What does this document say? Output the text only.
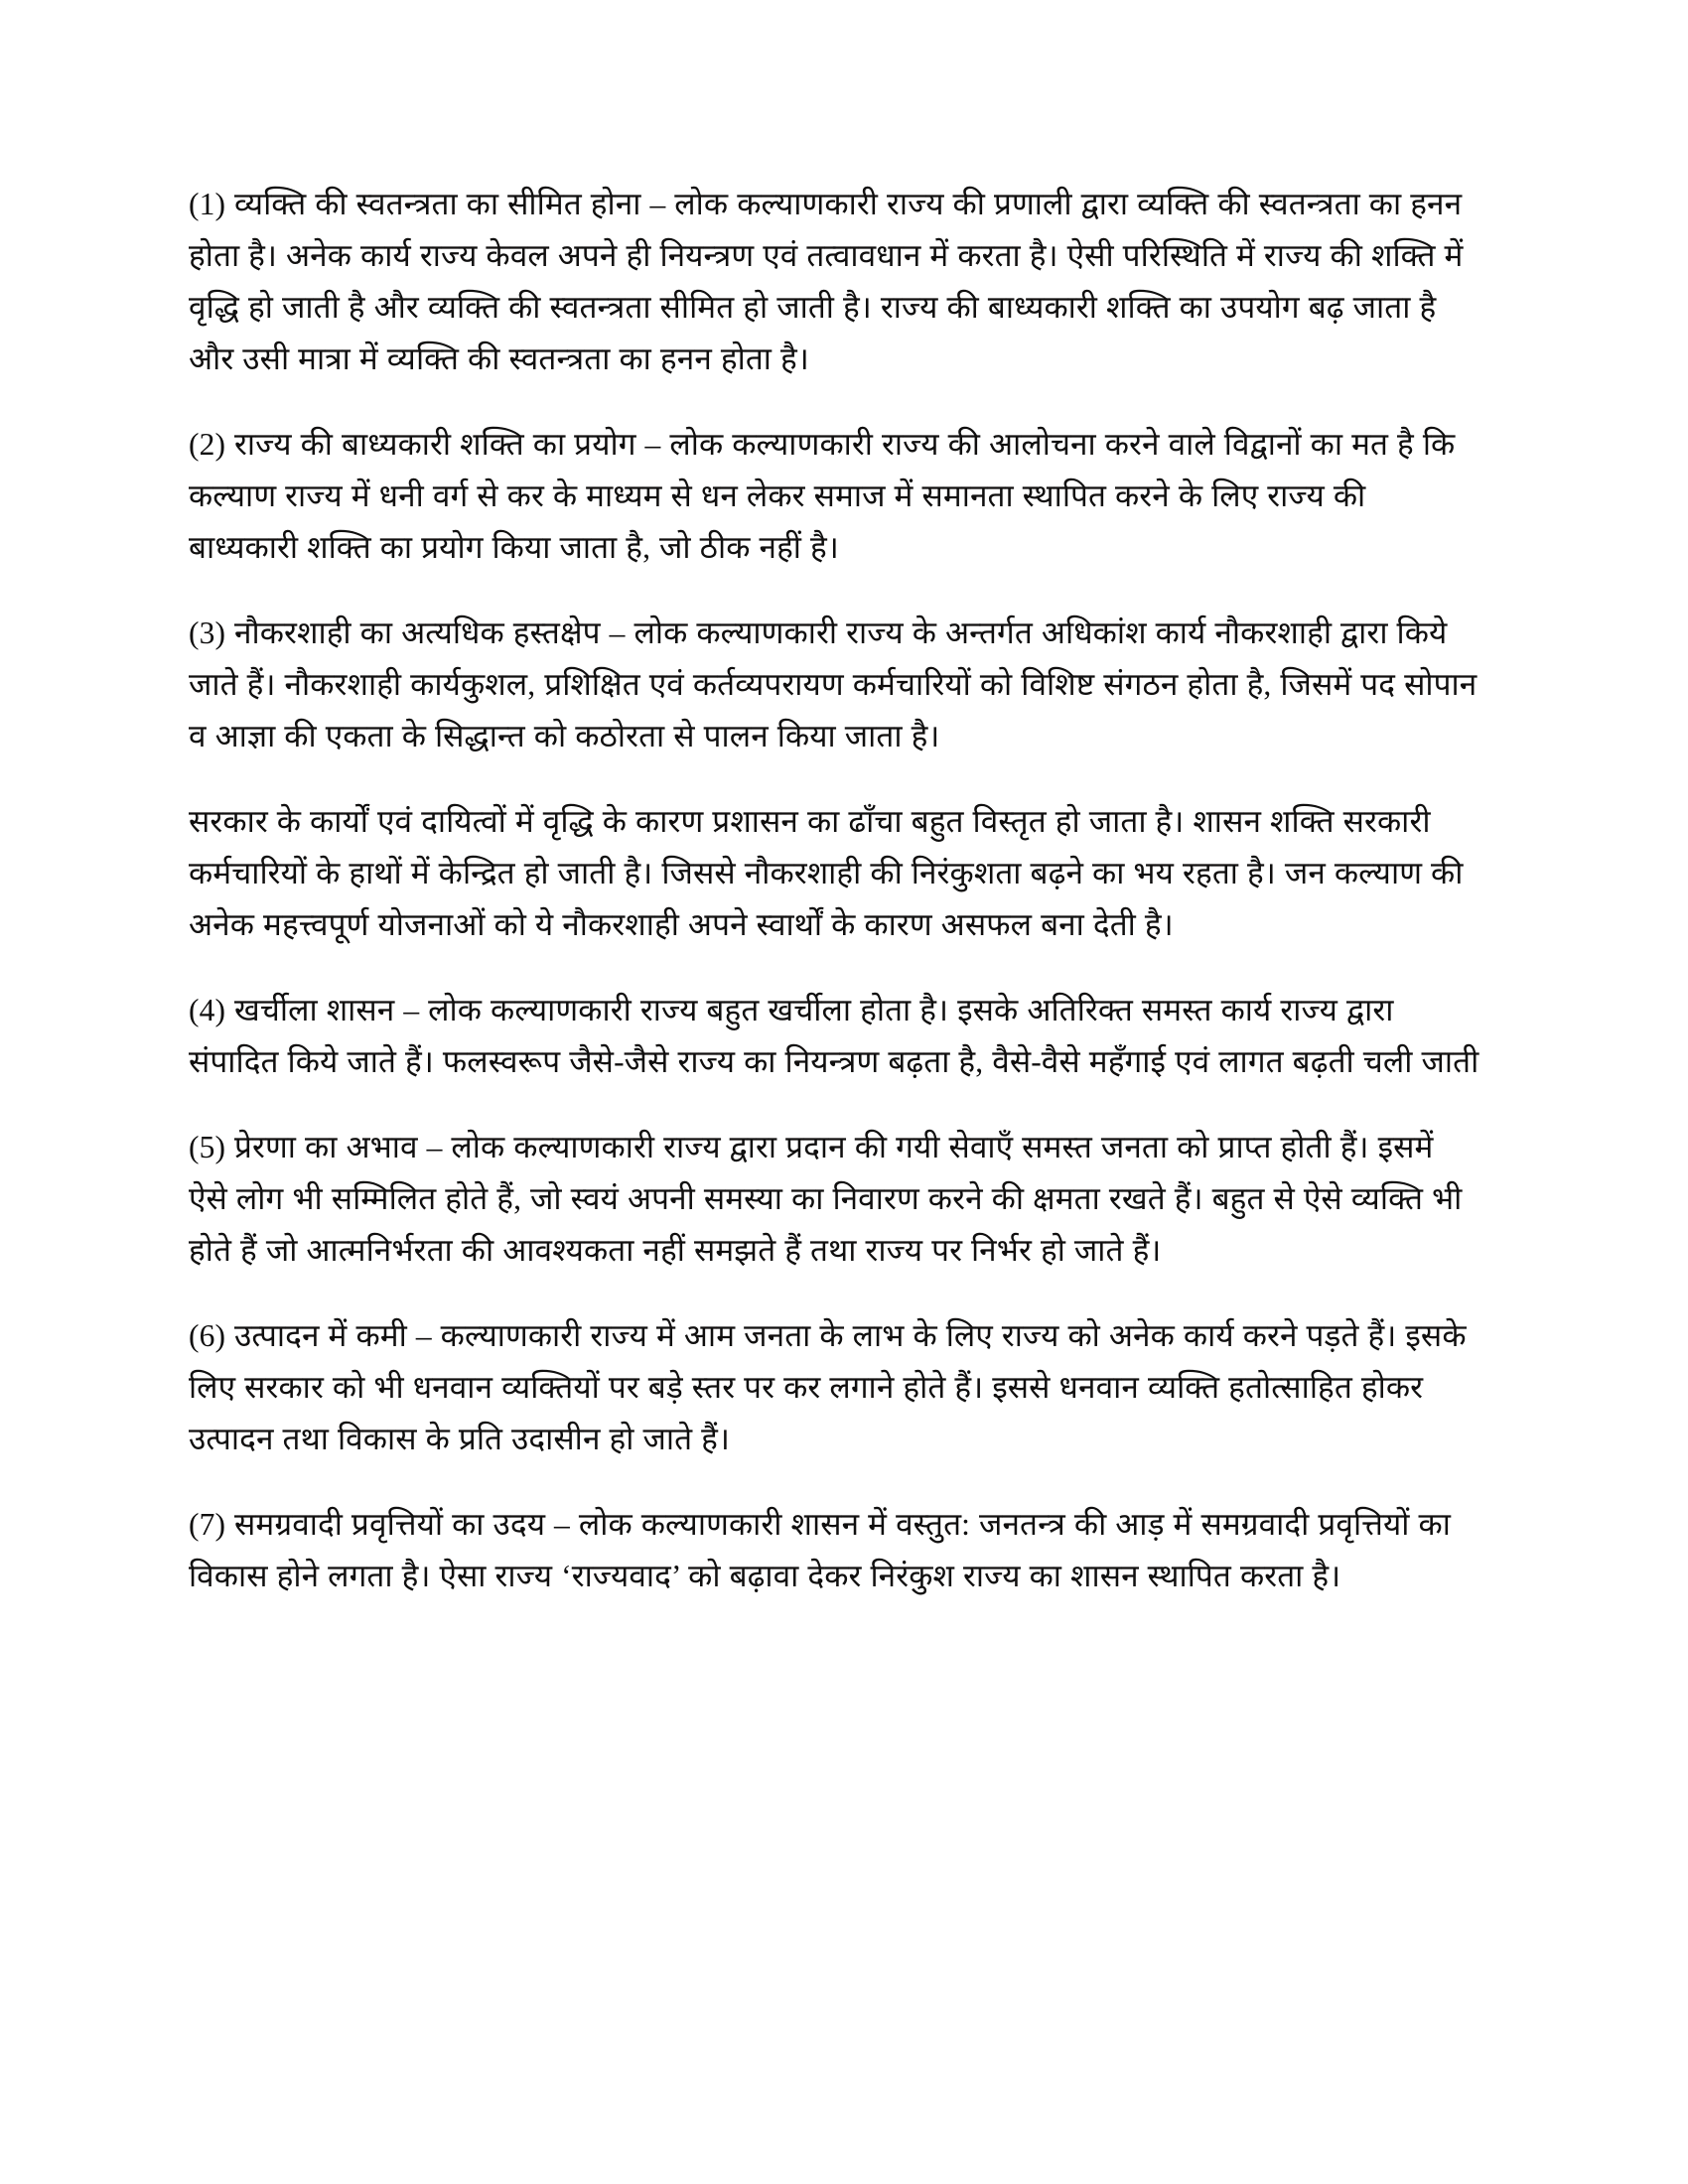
(1) व्यक्ति की स्वतन्त्रता का सीमित होना – लोक कल्याणकारी राज्य की प्रणाली द्वारा व्यक्ति की स्वतन्त्रता का हनन होता है। अनेक कार्य राज्य केवल अपने ही नियन्त्रण एवं तत्वावधान में करता है। ऐसी परिस्थिति में राज्य की शक्ति में वृद्धि हो जाती है और व्यक्ति की स्वतन्त्रता सीमित हो जाती है। राज्य की बाध्यकारी शक्ति का उपयोग बढ़ जाता है और उसी मात्रा में व्यक्ति की स्वतन्त्रता का हनन होता है।

(2) राज्य की बाध्यकारी शक्ति का प्रयोग – लोक कल्याणकारी राज्य की आलोचना करने वाले विद्वानों का मत है कि कल्याण राज्य में धनी वर्ग से कर के माध्यम से धन लेकर समाज में समानता स्थापित करने के लिए राज्य की बाध्यकारी शक्ति का प्रयोग किया जाता है, जो ठीक नहीं है।

(3) नौकरशाही का अत्यधिक हस्तक्षेप – लोक कल्याणकारी राज्य के अन्तर्गत अधिकांश कार्य नौकरशाही द्वारा किये जाते हैं। नौकरशाही कार्यकुशल, प्रशिक्षित एवं कर्तव्यपरायण कर्मचारियों को विशिष्ट संगठन होता है, जिसमें पद सोपान व आज्ञा की एकता के सिद्धान्त को कठोरता से पालन किया जाता है।

सरकार के कार्यों एवं दायित्वों में वृद्धि के कारण प्रशासन का ढाँचा बहुत विस्तृत हो जाता है। शासन शक्ति सरकारी कर्मचारियों के हाथों में केन्द्रित हो जाती है। जिससे नौकरशाही की निरंकुशता बढ़ने का भय रहता है। जन कल्याण की अनेक महत्त्वपूर्ण योजनाओं को ये नौकरशाही अपने स्वार्थों के कारण असफल बना देती है।

(4) खर्चीला शासन – लोक कल्याणकारी राज्य बहुत खर्चीला होता है। इसके अतिरिक्त समस्त कार्य राज्य द्वारा संपादित किये जाते हैं। फलस्वरूप जैसे-जैसे राज्य का नियन्त्रण बढ़ता है, वैसे-वैसे महँगाई एवं लागत बढ़ती चली जाती

(5) प्रेरणा का अभाव – लोक कल्याणकारी राज्य द्वारा प्रदान की गयी सेवाएँ समस्त जनता को प्राप्त होती हैं। इसमें ऐसे लोग भी सम्मिलित होते हैं, जो स्वयं अपनी समस्या का निवारण करने की क्षमता रखते हैं। बहुत से ऐसे व्यक्ति भी होते हैं जो आत्मनिर्भरता की आवश्यकता नहीं समझते हैं तथा राज्य पर निर्भर हो जाते हैं।

(6) उत्पादन में कमी – कल्याणकारी राज्य में आम जनता के लाभ के लिए राज्य को अनेक कार्य करने पड़ते हैं। इसके लिए सरकार को भी धनवान व्यक्तियों पर बड़े स्तर पर कर लगाने होते हैं। इससे धनवान व्यक्ति हतोत्साहित होकर उत्पादन तथा विकास के प्रति उदासीन हो जाते हैं।

(7) समग्रवादी प्रवृत्तियों का उदय – लोक कल्याणकारी शासन में वस्तुत: जनतन्त्र की आड़ में समग्रवादी प्रवृत्तियों का विकास होने लगता है। ऐसा राज्य ‘राज्यवाद’ को बढ़ावा देकर निरंकुश राज्य का शासन स्थापित करता है।
